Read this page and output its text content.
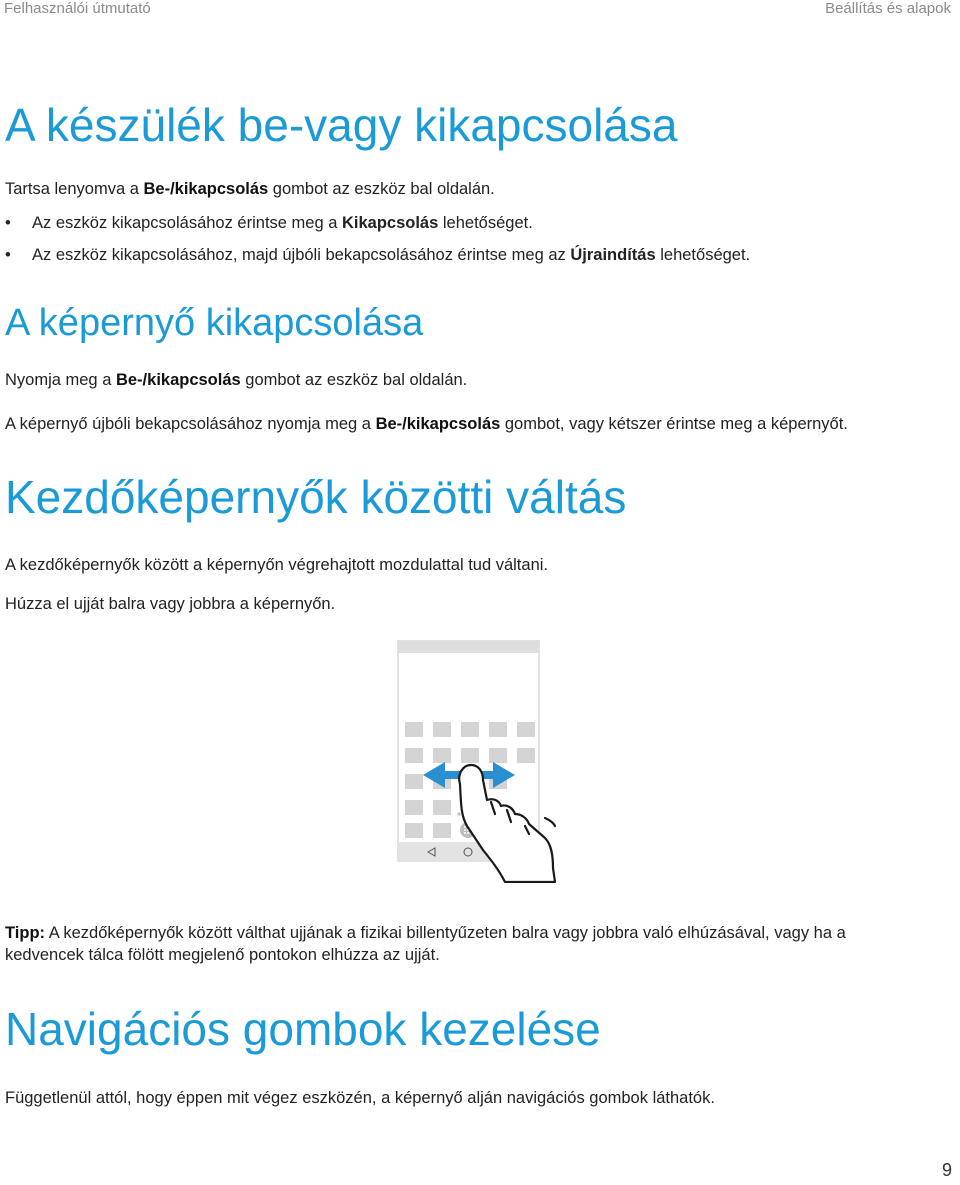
Felhasználói útmutató	Beállítás és alapok
A készülék be-vagy kikapcsolása
Tartsa lenyomva a Be-/kikapcsolás gombot az eszköz bal oldalán.
• Az eszköz kikapcsolásához érintse meg a Kikapcsolás lehetőséget.
• Az eszköz kikapcsolásához, majd újbóli bekapcsolásához érintse meg az Újraindítás lehetőséget.
A képernyő kikapcsolása
Nyomja meg a Be-/kikapcsolás gombot az eszköz bal oldalán.
A képernyő újbóli bekapcsolásához nyomja meg a Be-/kikapcsolás gombot, vagy kétszer érintse meg a képernyőt.
Kezdőképernyők közötti váltás
A kezdőképernyők között a képernyőn végrehajtott mozdulattal tud váltani.
Húzza el ujját balra vagy jobbra a képernyőn.
Tipp: A kezdőképernyők között válthat ujjának a fizikai billentyűzeten balra vagy jobbra való elhúzásával, vagy ha a kedvencek tálca fölött megjelenő pontokon elhúzza az ujját.
Navigációs gombok kezelése
Függetlenül attól, hogy éppen mit végez eszközén, a képernyő alján navigációs gombok láthatók.
9
